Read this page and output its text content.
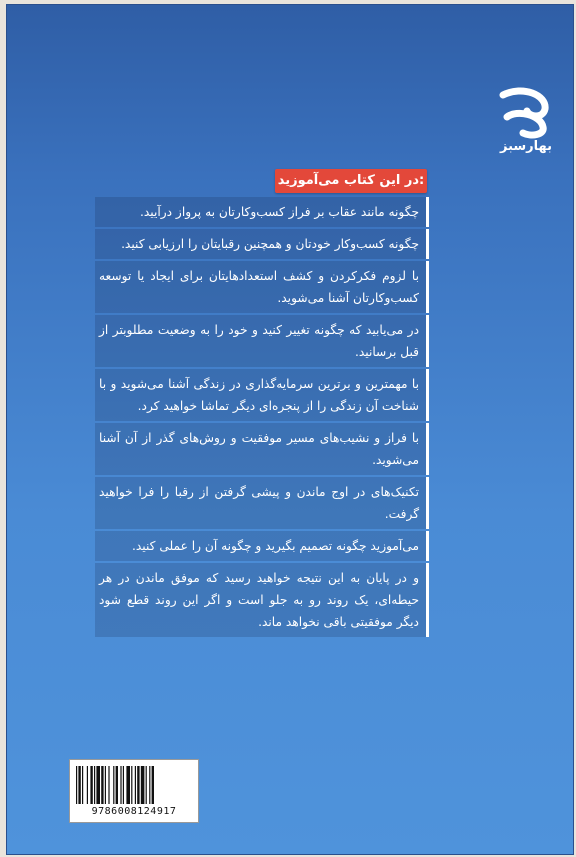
بهارسبز
در این کتاب می‌آموزید:
چگونه مانند عقاب بر فراز کسب‌وکارتان به پرواز درآیید.
چگونه کسب‌وکار خودتان و همچنین رقبایتان را ارزیابی کنید.
با لزوم فکرکردن و کشف استعدادهایتان برای ایجاد یا توسعه کسب‌وکارتان آشنا می‌شوید.
در می‌یابید که چگونه تغییر کنید و خود را به وضعیت مطلوبتر از قبل برسانید.
با مهمترین و برترین سرمایه‌گذاری در زندگی آشنا می‌شوید و با شناخت آن زندگی را از پنجره‌ای دیگر تماشا خواهید کرد.
با فراز و نشیب‌های مسیر موفقیت و روش‌های گذر از آن آشنا می‌شوید.
تکنیک‌های در اوج ماندن و پیشی گرفتن از رقبا را فرا خواهید گرفت.
می‌آموزید چگونه تصمیم بگیرید و چگونه آن را عملی کنید.
و در پایان به این نتیجه خواهید رسید که موفق ماندن در هر حیطه‌ای، یک روند رو به جلو است و اگر این روند قطع شود دیگر موفقیتی باقی نخواهد ماند.
9786008124917
